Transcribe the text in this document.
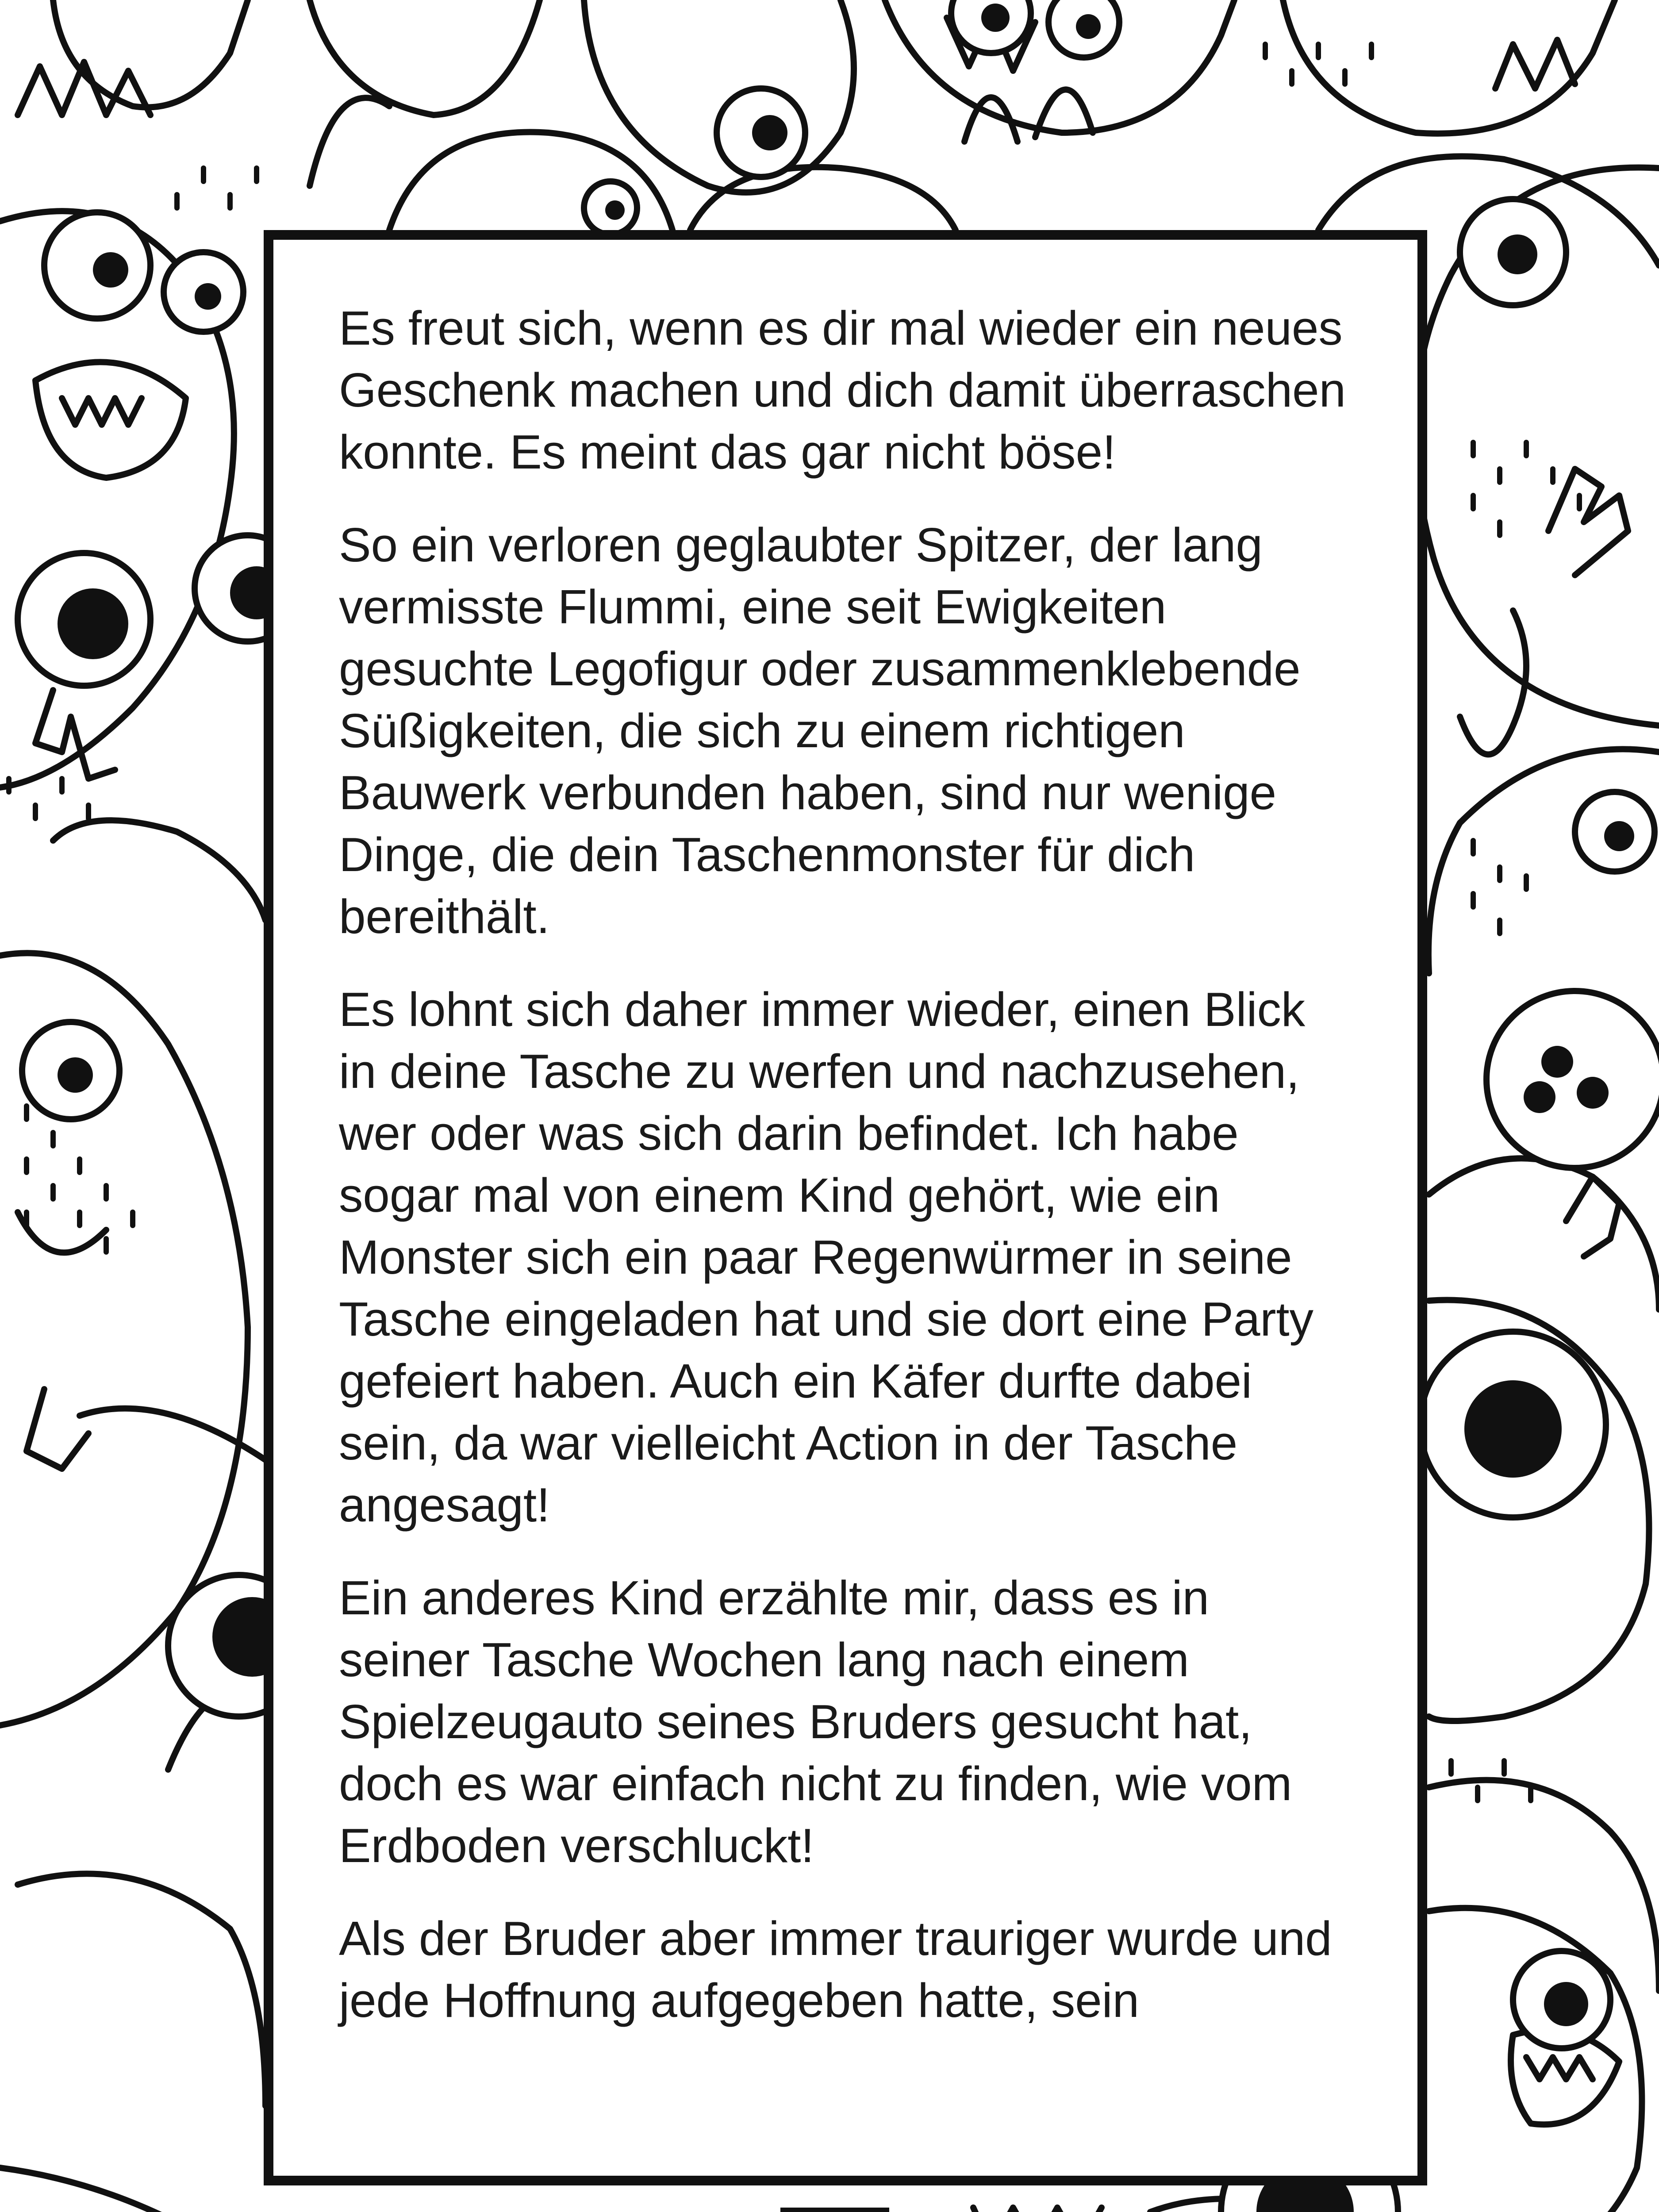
Es freut sich, wenn es dir mal wieder ein neues Geschenk machen und dich damit überraschen konnte. Es meint das gar nicht böse!

So ein verloren geglaubter Spitzer, der lang vermisste Flummi, eine seit Ewigkeiten gesuchte Legofigur oder zusammenklebende Süßigkeiten, die sich zu einem richtigen Bauwerk verbunden haben, sind nur wenige Dinge, die dein Taschenmonster für dich bereithält.

Es lohnt sich daher immer wieder, einen Blick in deine Tasche zu werfen und nachzusehen, wer oder was sich darin befindet. Ich habe sogar mal von einem Kind gehört, wie ein Monster sich ein paar Regenwürmer in seine Tasche eingeladen hat und sie dort eine Party gefeiert haben. Auch ein Käfer durfte dabei sein, da war vielleicht Action in der Tasche angesagt!

Ein anderes Kind erzählte mir, dass es in seiner Tasche Wochen lang nach einem Spielzeugauto seines Bruders gesucht hat, doch es war einfach nicht zu finden, wie vom Erdboden verschluckt!

Als der Bruder aber immer trauriger wurde und jede Hoffnung aufgegeben hatte, sein
